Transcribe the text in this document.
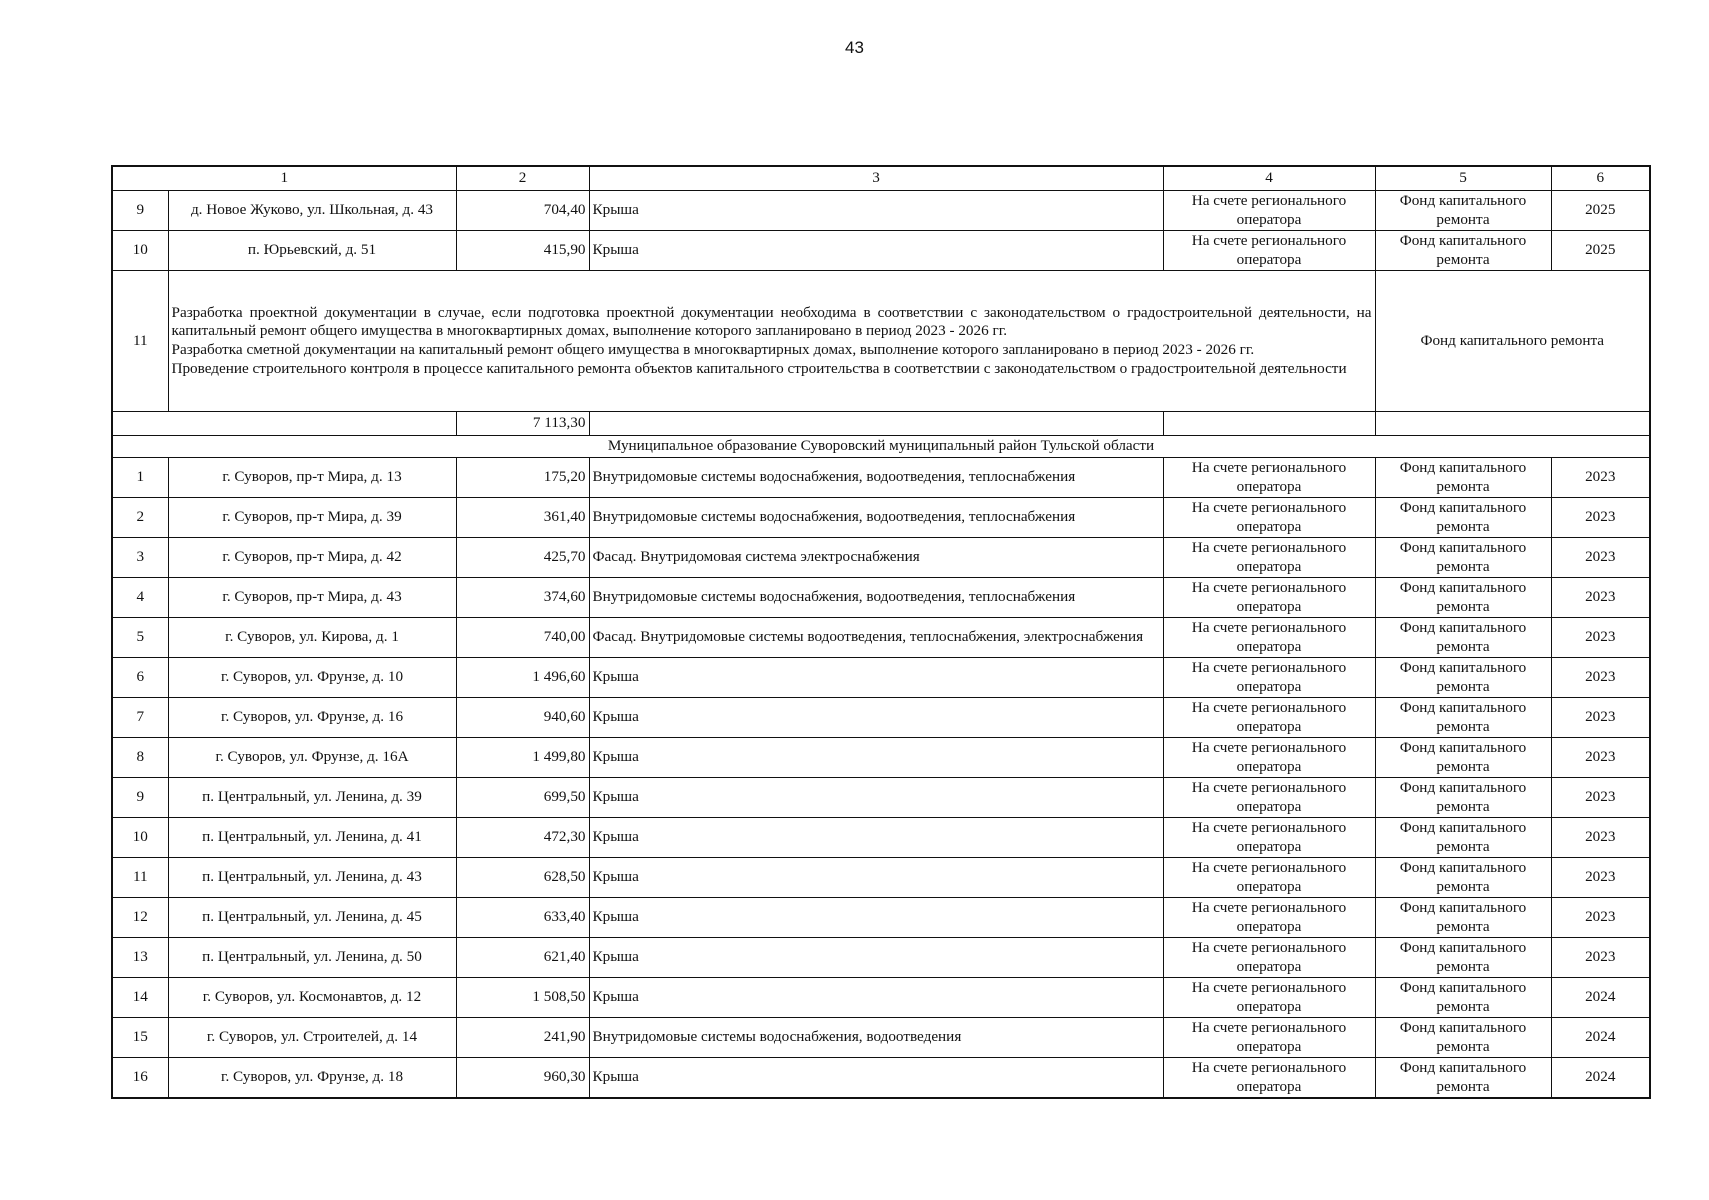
43
1		2	3	4	5	6
9	д. Новое Жуково, ул. Школьная, д. 43	704,40	Крыша	На счете регионального оператора	Фонд капитального ремонта	2025
10	п. Юрьевский, д. 51	415,90	Крыша	На счете регионального оператора	Фонд капитального ремонта	2025
11	Разработка проектной документации в случае, если подготовка проектной документации необходима в соответствии с законодательством о градостроительной деятельности, на капитальный ремонт общего имущества в многоквартирных домах, выполнение которого запланировано в период 2023 - 2026 гг.

Разработка сметной документации на капитальный ремонт общего имущества в многоквартирных домах, выполнение которого запланировано в период 2023 - 2026 гг.

Проведение строительного контроля в процессе капитального ремонта объектов капитального строительства в соответствии с законодательством о градостроительной деятельности				Фонд капитального ремонта	
		7 113,30				
Муниципальное образование Суворовский муниципальный район Тульской области						
1	г. Суворов, пр-т Мира, д. 13	175,20	Внутридомовые системы водоснабжения, водоотведения, теплоснабжения	На счете регионального оператора	Фонд капитального ремонта	2023
2	г. Суворов, пр-т Мира, д. 39	361,40	Внутридомовые системы водоснабжения, водоотведения, теплоснабжения	На счете регионального оператора	Фонд капитального ремонта	2023
3	г. Суворов, пр-т Мира, д. 42	425,70	Фасад. Внутридомовая система электроснабжения	На счете регионального оператора	Фонд капитального ремонта	2023
4	г. Суворов, пр-т Мира, д. 43	374,60	Внутридомовые системы водоснабжения, водоотведения, теплоснабжения	На счете регионального оператора	Фонд капитального ремонта	2023
5	г. Суворов, ул. Кирова, д. 1	740,00	Фасад. Внутридомовые системы водоотведения, теплоснабжения, электроснабжения	На счете регионального оператора	Фонд капитального ремонта	2023
6	г. Суворов, ул. Фрунзе, д. 10	1 496,60	Крыша	На счете регионального оператора	Фонд капитального ремонта	2023
7	г. Суворов, ул. Фрунзе, д. 16	940,60	Крыша	На счете регионального оператора	Фонд капитального ремонта	2023
8	г. Суворов, ул. Фрунзе, д. 16А	1 499,80	Крыша	На счете регионального оператора	Фонд капитального ремонта	2023
9	п. Центральный, ул. Ленина, д. 39	699,50	Крыша	На счете регионального оператора	Фонд капитального ремонта	2023
10	п. Центральный, ул. Ленина, д. 41	472,30	Крыша	На счете регионального оператора	Фонд капитального ремонта	2023
11	п. Центральный, ул. Ленина, д. 43	628,50	Крыша	На счете регионального оператора	Фонд капитального ремонта	2023
12	п. Центральный, ул. Ленина, д. 45	633,40	Крыша	На счете регионального оператора	Фонд капитального ремонта	2023
13	п. Центральный, ул. Ленина, д. 50	621,40	Крыша	На счете регионального оператора	Фонд капитального ремонта	2023
14	г. Суворов, ул. Космонавтов, д. 12	1 508,50	Крыша	На счете регионального оператора	Фонд капитального ремонта	2024
15	г. Суворов, ул. Строителей, д. 14	241,90	Внутридомовые системы водоснабжения, водоотведения	На счете регионального оператора	Фонд капитального ремонта	2024
16	г. Суворов, ул. Фрунзе, д. 18	960,30	Крыша	На счете регионального оператора	Фонд капитального ремонта	2024
